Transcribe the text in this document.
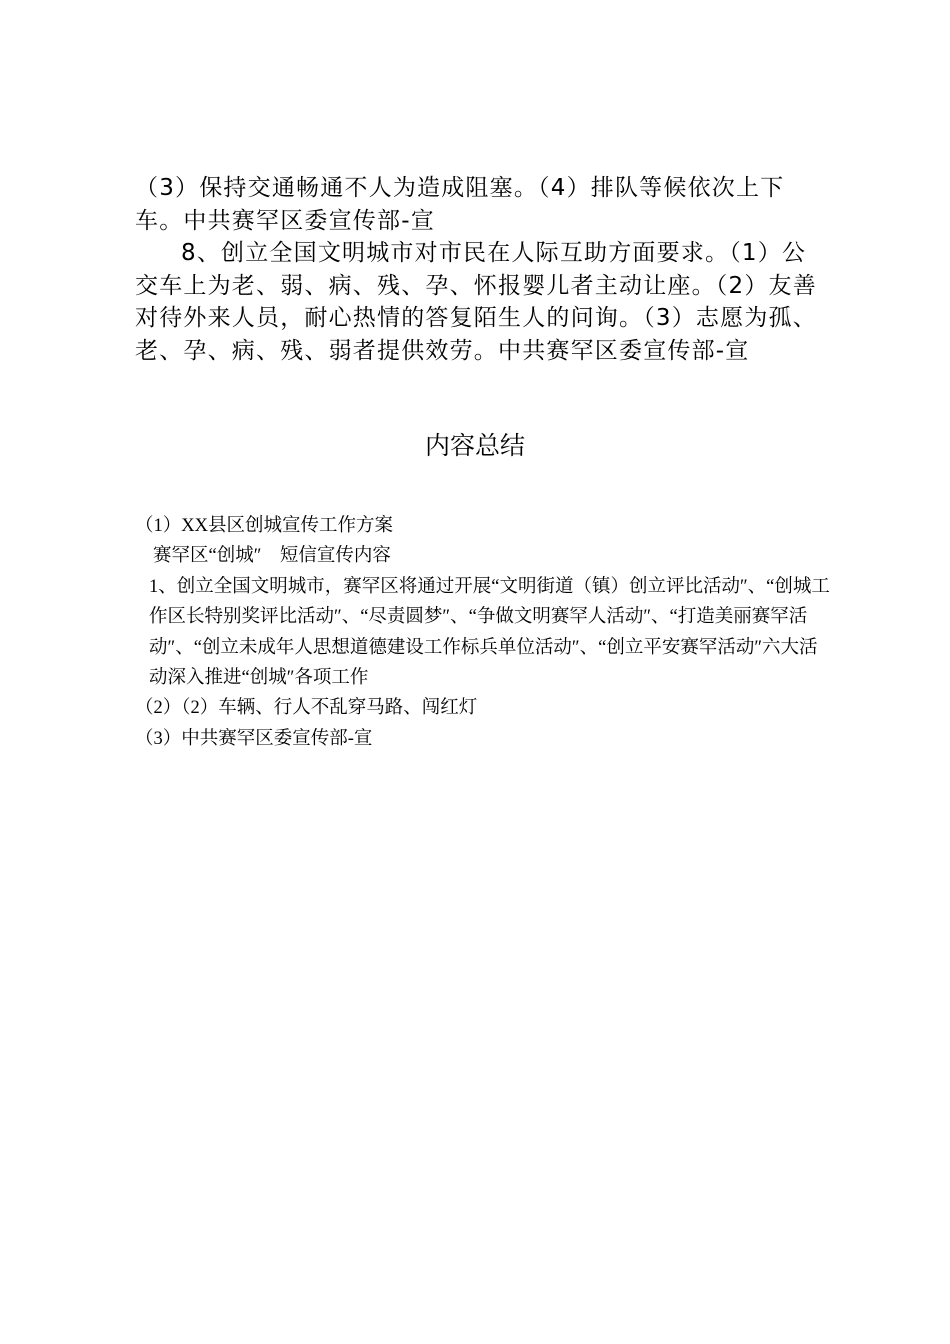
（3）保持交通畅通不人为造成阻塞。（4）排队等候依次上下车。中共赛罕区委宣传部-宣

8、创立全国文明城市对市民在人际互助方面要求。（1）公交车上为老、弱、病、残、孕、怀报婴儿者主动让座。（2）友善对待外来人员，耐心热情的答复陌生人的问询。（3）志愿为孤、老、孕、病、残、弱者提供效劳。中共赛罕区委宣传部-宣

内容总结

（1）XX县区创城宣传工作方案

赛罕区“创城″　短信宣传内容

1、创立全国文明城市，赛罕区将通过开展“文明街道（镇）创立评比活动″、“创城工作区长特别奖评比活动″、“尽责圆梦″、“争做文明赛罕人活动″、“打造美丽赛罕活动″、“创立未成年人思想道德建设工作标兵单位活动″、“创立平安赛罕活动″六大活动深入推进“创城″各项工作

（2）（2）车辆、行人不乱穿马路、闯红灯

（3）中共赛罕区委宣传部-宣
